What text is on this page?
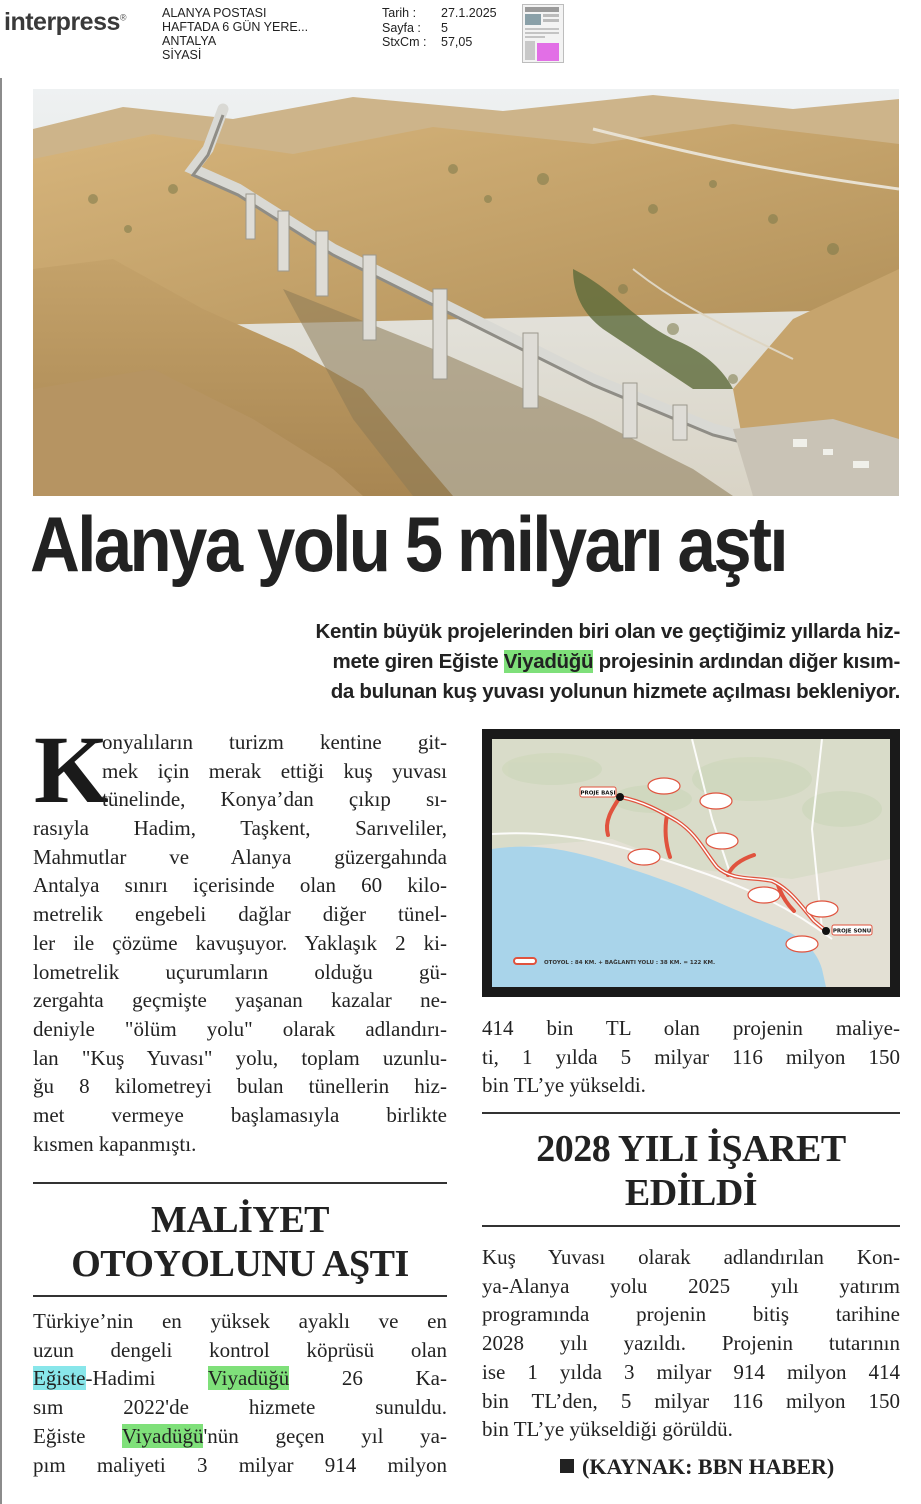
interpress®	ALANYA POSTASI
HAFTADA 6 GÜN YERE...
ANTALYA
SİYASİ
Tarih :	27.1.2025
Sayfa :	5
StxCm :	57,05
Alanya yolu 5 milyarı aştı
Kentin büyük projelerinden biri olan ve geçtiğimiz yıllarda hiz-
mete giren Eğiste Viyadüğü projesinin ardından diğer kısım-
da bulunan kuş yuvası yolunun hizmete açılması bekleniyor.
K
onyalıların turizm kentine git-
mek için merak ettiği kuş yuvası
tünelinde, Konya’dan çıkıp sı-
rasıyla Hadim, Taşkent, Sarıveliler,
Mahmutlar ve Alanya güzergahında
Antalya sınırı içerisinde olan 60 kilo-
metrelik engebeli dağlar diğer tünel-
ler ile çözüme kavuşuyor. Yaklaşık 2 ki-
lometrelik uçurumların olduğu gü-
zergahta geçmişte yaşanan kazalar ne-
deniyle "ölüm yolu" olarak adlandırı-
lan "Kuş Yuvası" yolu, toplam uzunlu-
ğu 8 kilometreyi bulan tünellerin hiz-
met vermeye başlamasıyla birlikte
kısmen kapanmıştı.
MALİYET
OTOYOLUNU AŞTI
Türkiye’nin en yüksek ayaklı ve en
uzun dengeli kontrol köprüsü olan
Eğiste-Hadimi Viyadüğü 26 Ka-
sım 2022'de hizmete sunuldu.
Eğiste Viyadüğü'nün geçen yıl ya-
pım maliyeti 3 milyar 914 milyon
PROJE BAŞI
PROJE SONU
OTOYOL : 84 KM. + BAĞLANTI YOLU : 38 KM. = 122 KM.
414 bin TL olan projenin maliye-
ti, 1 yılda 5 milyar 116 milyon 150
bin TL’ye yükseldi.
2028 YILI İŞARET
EDİLDİ
Kuş Yuvası olarak adlandırılan Kon-
ya-Alanya yolu 2025 yılı yatırım
programında projenin bitiş tarihine
2028 yılı yazıldı. Projenin tutarının
ise 1 yılda 3 milyar 914 milyon 414
bin TL’den, 5 milyar 116 milyon 150
bin TL’ye yükseldiği görüldü.
(KAYNAK: BBN HABER)
